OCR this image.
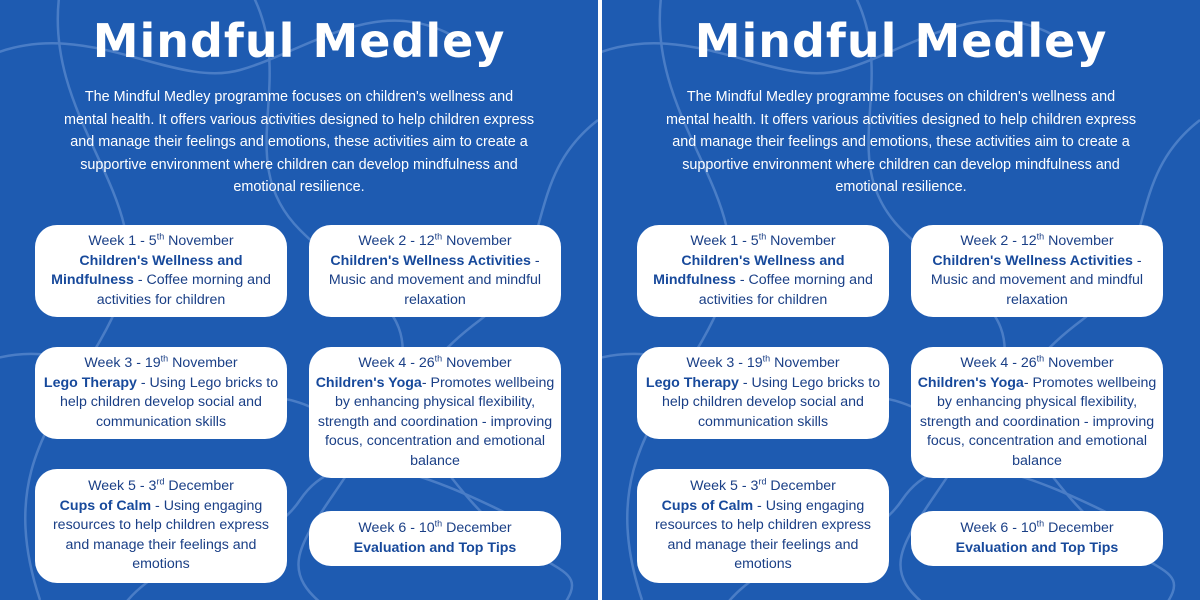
Mindful Medley

The Mindful Medley programme focuses on children's wellness and mental health. It offers various activities designed to help children express and manage their feelings and emotions, these activities aim to create a supportive environment where children can develop mindfulness and emotional resilience.

Week 1 - 5th November
Children's Wellness and Mindfulness - Coffee morning and activities for children
Week 2 - 12th November
Children's Wellness Activities - Music and movement and mindful relaxation
Week 3 - 19th November
Lego Therapy - Using Lego bricks to help children develop social and communication skills
Week 4 - 26th November
Children's Yoga- Promotes wellbeing by enhancing physical flexibility, strength and coordination - improving focus, concentration and emotional balance
Week 5 - 3rd December
Cups of Calm - Using engaging resources to help children express and manage their feelings and emotions
Week 6 - 10th December
Evaluation and Top Tips
Mindful Medley

The Mindful Medley programme focuses on children's wellness and mental health. It offers various activities designed to help children express and manage their feelings and emotions, these activities aim to create a supportive environment where children can develop mindfulness and emotional resilience.

Week 1 - 5th November
Children's Wellness and Mindfulness - Coffee morning and activities for children
Week 2 - 12th November
Children's Wellness Activities - Music and movement and mindful relaxation
Week 3 - 19th November
Lego Therapy - Using Lego bricks to help children develop social and communication skills
Week 4 - 26th November
Children's Yoga- Promotes wellbeing by enhancing physical flexibility, strength and coordination - improving focus, concentration and emotional balance
Week 5 - 3rd December
Cups of Calm - Using engaging resources to help children express and manage their feelings and emotions
Week 6 - 10th December
Evaluation and Top Tips
